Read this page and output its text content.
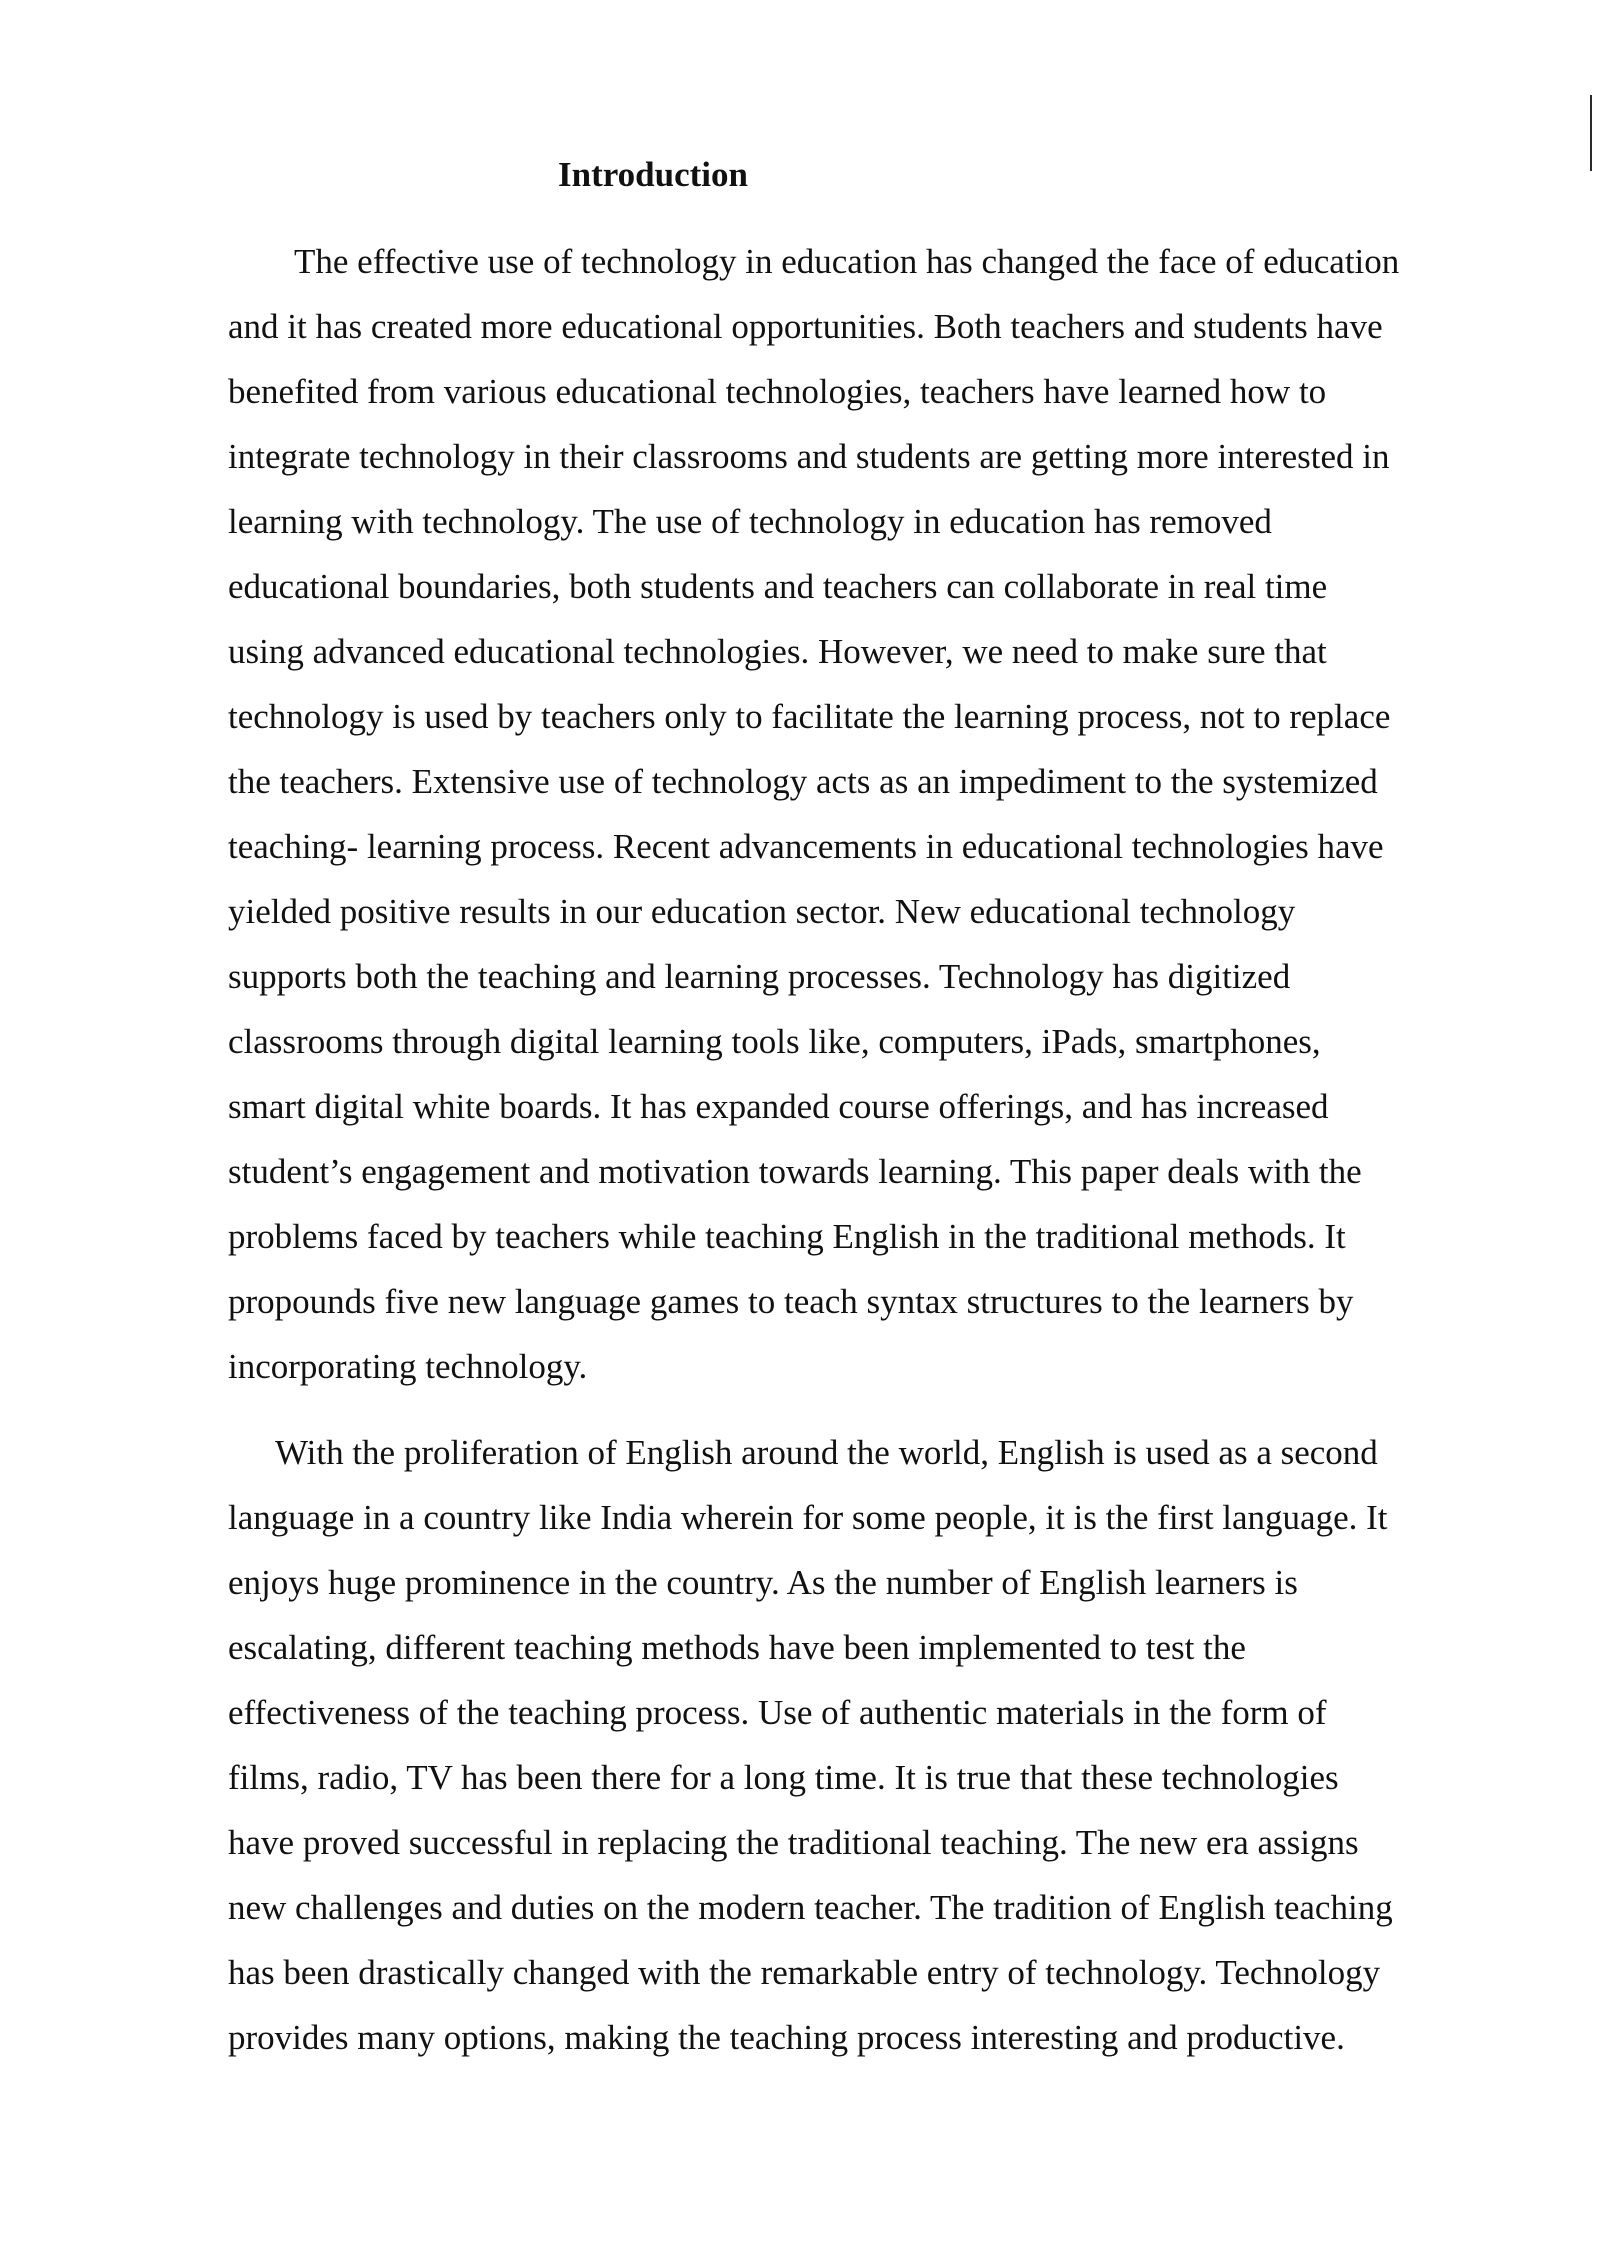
Introduction

The effective use of technology in education has changed the face of education
and it has created more educational opportunities. Both teachers and students have
benefited from various educational technologies, teachers have learned how to
integrate technology in their classrooms and students are getting more interested in
learning with technology. The use of technology in education has removed
educational boundaries, both students and teachers can collaborate in real time
using advanced educational technologies. However, we need to make sure that
technology is used by teachers only to facilitate the learning process, not to replace
the teachers. Extensive use of technology acts as an impediment to the systemized
teaching- learning process. Recent advancements in educational technologies have
yielded positive results in our education sector. New educational technology
supports both the teaching and learning processes. Technology has digitized
classrooms through digital learning tools like, computers, iPads, smartphones,
smart digital white boards. It has expanded course offerings, and has increased
student’s engagement and motivation towards learning. This paper deals with the
problems faced by teachers while teaching English in the traditional methods. It
propounds five new language games to teach syntax structures to the learners by
incorporating technology.

With the proliferation of English around the world, English is used as a second
language in a country like India wherein for some people, it is the first language. It
enjoys huge prominence in the country. As the number of English learners is
escalating, different teaching methods have been implemented to test the
effectiveness of the teaching process. Use of authentic materials in the form of
films, radio, TV has been there for a long time. It is true that these technologies
have proved successful in replacing the traditional teaching. The new era assigns
new challenges and duties on the modern teacher. The tradition of English teaching
has been drastically changed with the remarkable entry of technology. Technology
provides many options, making the teaching process interesting and productive.
